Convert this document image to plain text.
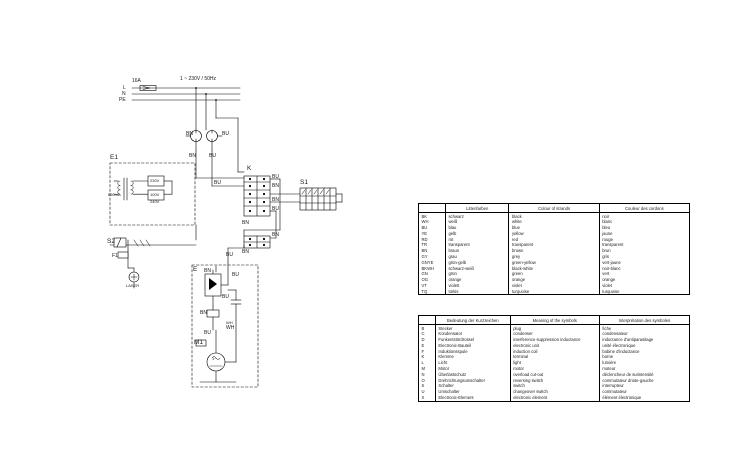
16A	1 ~ 230V / 50Hz
L
N
PE
E1
K
S1
S2
E
M1
F1
LASER
230V
100V
240V
650mA
1~
WH
BN	BU
BN	BU
BU	BN
BU
BN
BU
BN
BN
BN
BU
BU
BN
BU
BN
BU
WH
	Littenfarben	Colour of strands	Couleur des cordons
BK	schwarz	black	noir
WH	weiß	white	blanc
BU	blau	blue	bleu
YE	gelb	yellow	jaune
RD	rot	red	rouge
TR	transparent	transparent	transparent
BN	braun	brown	brun
GY	grau	grey	gris
GNYE	grün-gelb	green-yellow	vert-jaune
BKWH	schwarz-weiß	black-white	noir-blanc
GN	grün	green	vert
OG	orange	orange	orange
VT	violett	violet	violet
TQ	türkis	turquoise	turquoise
	Bedeutung der Kurzzeichen	Meaning of the symbols	Interprétation des symboles
B	Stecker	plug	fiche
C	Kondensator	condenser	condensateur
D	Funkentstördrossel	interference suppression inductance	inductance d'antiparasitage
E	Electronic-Bauteil	electronic unit	unité électronique
F	Induktionsspule	induction coil	bobine d'inductance
K	Klemme	terminal	borne
L	Licht	light	lumière
M	Motor	motor	moteur
N	Überlastschutz	overload cut-out	déclencheur de surintensité
O	Drehrichtungsumschalter	reversing switch	commutateur droite-gauche
S	Schalter	switch	interrupteur
U	Umschalter	changeover switch	commutateur
X	Electronic-Element	electronic element	élément électronique
